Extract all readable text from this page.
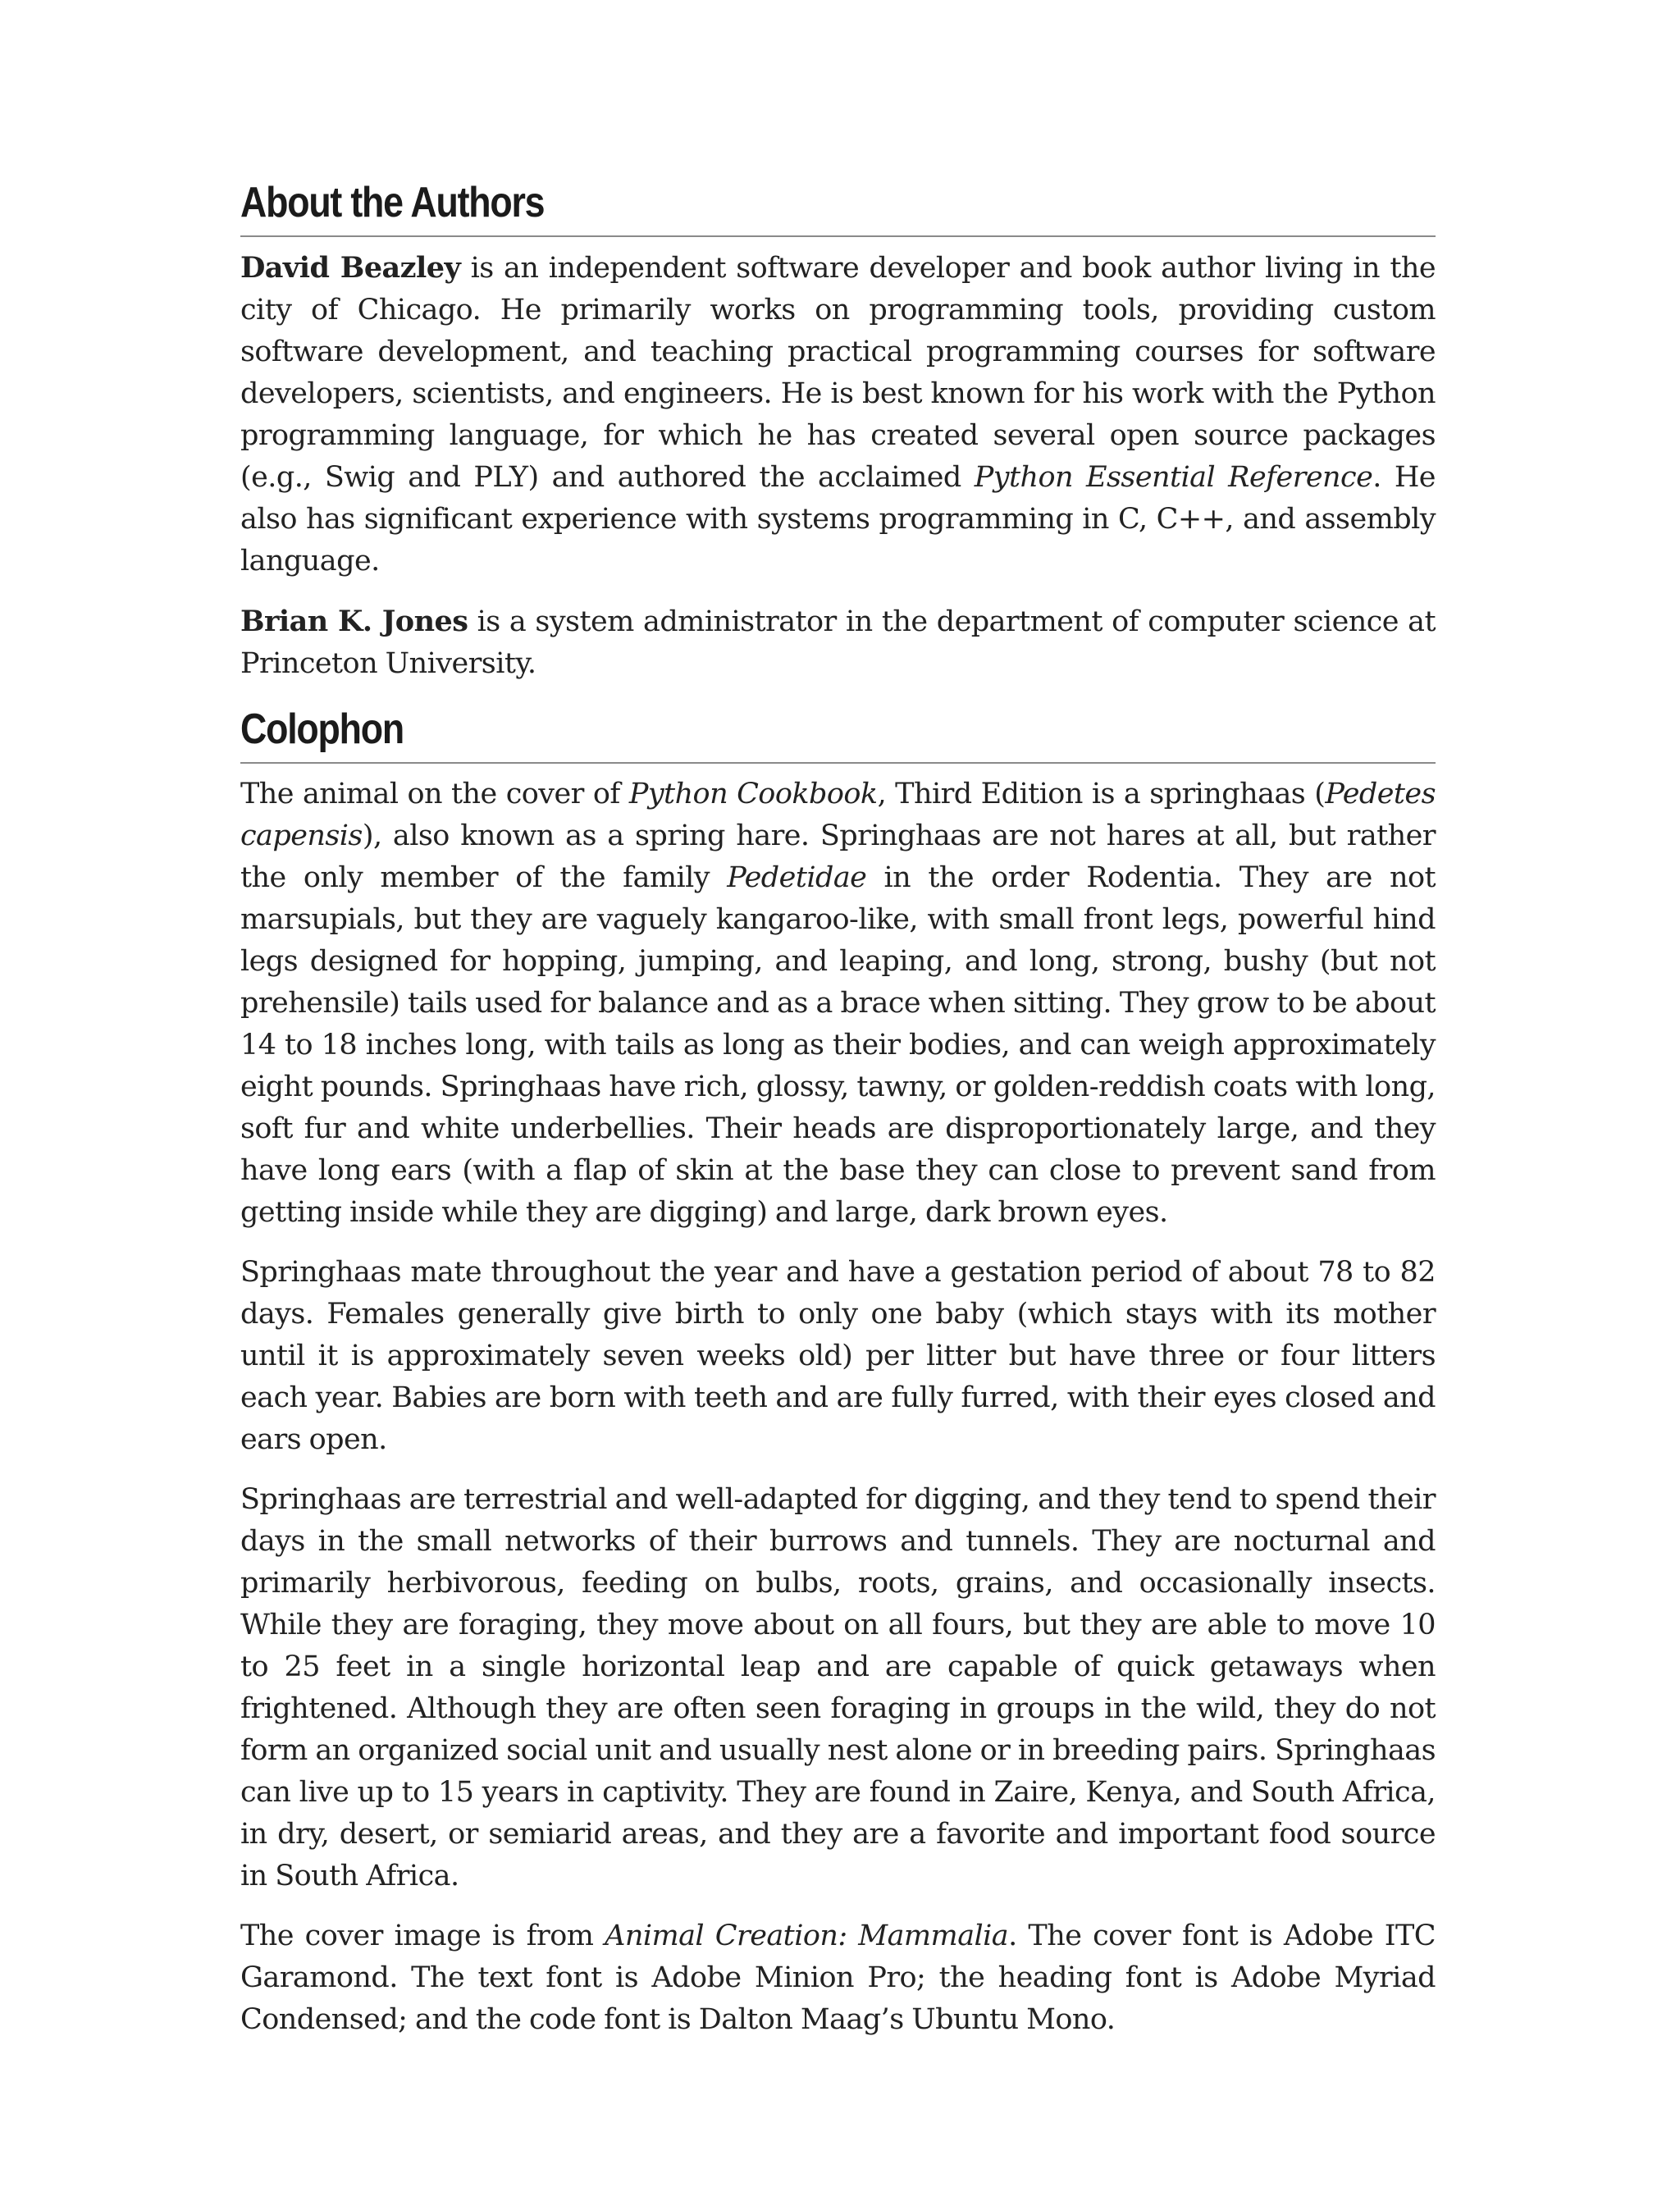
About the Authors

David Beazley is an independent software developer and book author living in the city of Chicago. He primarily works on programming tools, providing custom software development, and teaching practical programming courses for software developers, scientists, and engineers. He is best known for his work with the Python programming language, for which he has created several open source packages (e.g., Swig and PLY) and authored the acclaimed Python Essential Reference. He also has significant experience with systems programming in C, C++, and assembly language.

Brian K. Jones is a system administrator in the department of computer science at Princeton University.

Colophon

The animal on the cover of Python Cookbook, Third Edition is a springhaas (Pedetes capensis), also known as a spring hare. Springhaas are not hares at all, but rather the only member of the family Pedetidae in the order Rodentia. They are not marsupials, but they are vaguely kangaroo-like, with small front legs, powerful hind legs designed for hopping, jumping, and leaping, and long, strong, bushy (but not prehensile) tails used for balance and as a brace when sitting. They grow to be about 14 to 18 inches long, with tails as long as their bodies, and can weigh approximately eight pounds. Springhaas have rich, glossy, tawny, or golden-reddish coats with long, soft fur and white underbellies. Their heads are disproportionately large, and they have long ears (with a flap of skin at the base they can close to prevent sand from getting inside while they are digging) and large, dark brown eyes.

Springhaas mate throughout the year and have a gestation period of about 78 to 82 days. Females generally give birth to only one baby (which stays with its mother until it is approximately seven weeks old) per litter but have three or four litters each year. Babies are born with teeth and are fully furred, with their eyes closed and ears open.

Springhaas are terrestrial and well-adapted for digging, and they tend to spend their days in the small networks of their burrows and tunnels. They are nocturnal and primarily herbivorous, feeding on bulbs, roots, grains, and occasionally insects. While they are foraging, they move about on all fours, but they are able to move 10 to 25 feet in a single horizontal leap and are capable of quick getaways when frightened. Although they are often seen foraging in groups in the wild, they do not form an organized social unit and usually nest alone or in breeding pairs. Springhaas can live up to 15 years in captivity. They are found in Zaire, Kenya, and South Africa, in dry, desert, or semiarid areas, and they are a favorite and important food source in South Africa.

The cover image is from Animal Creation: Mammalia. The cover font is Adobe ITC Garamond. The text font is Adobe Minion Pro; the heading font is Adobe Myriad Condensed; and the code font is Dalton Maag’s Ubuntu Mono.
